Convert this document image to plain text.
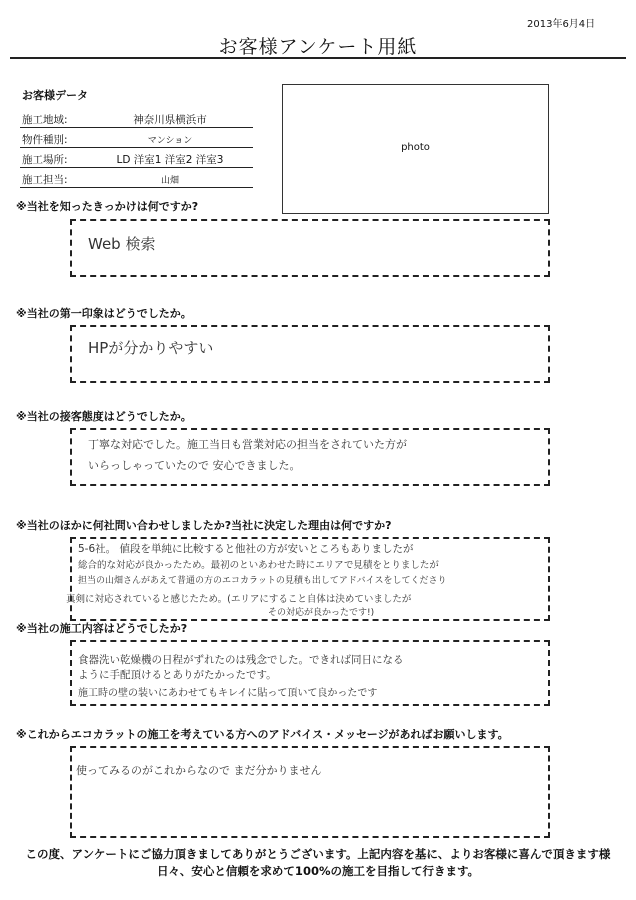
2013年6月4日
お客様アンケート用紙
お客様データ
施工地域:	神奈川県横浜市
物件種別:	マンション
施工場所:	LD 洋室1 洋室2 洋室3
施工担当:	山畑
photo
※当社を知ったきっかけは何ですか?
Web 検索
※当社の第一印象はどうでしたか。
HPが分かりやすい
※当社の接客態度はどうでしたか。
丁寧な対応でした。施工当日も営業対応の担当をされていた方が
いらっしゃっていたので 安心できました。
※当社のほかに何社問い合わせしましたか?当社に決定した理由は何ですか?
5-6社。 値段を単純に比較すると他社の方が安いところもありましたが
総合的な対応が良かったため。最初のといあわせた時にエリアで見積をとりましたが
担当の山畑さんがあえて普通の方のエコカラットの見積も出してアドバイスをしてくださり
真剣に対応されていると感じたため。(エリアにすること自体は決めていましたが
その対応が良かったです!)
※当社の施工内容はどうでしたか?
食器洗い乾燥機の日程がずれたのは残念でした。できれば同日になる
ように手配頂けるとありがたかったです。
施工時の壁の装いにあわせてもキレイに貼って頂いて良かったです
※これからエコカラットの施工を考えている方へのアドバイス・メッセージがあればお願いします。
使ってみるのがこれからなので まだ分かりません
この度、アンケートにご協力頂きましてありがとうございます。上記内容を基に、よりお客様に喜んで頂きます様
日々、安心と信頼を求めて100%の施工を目指して行きます。
